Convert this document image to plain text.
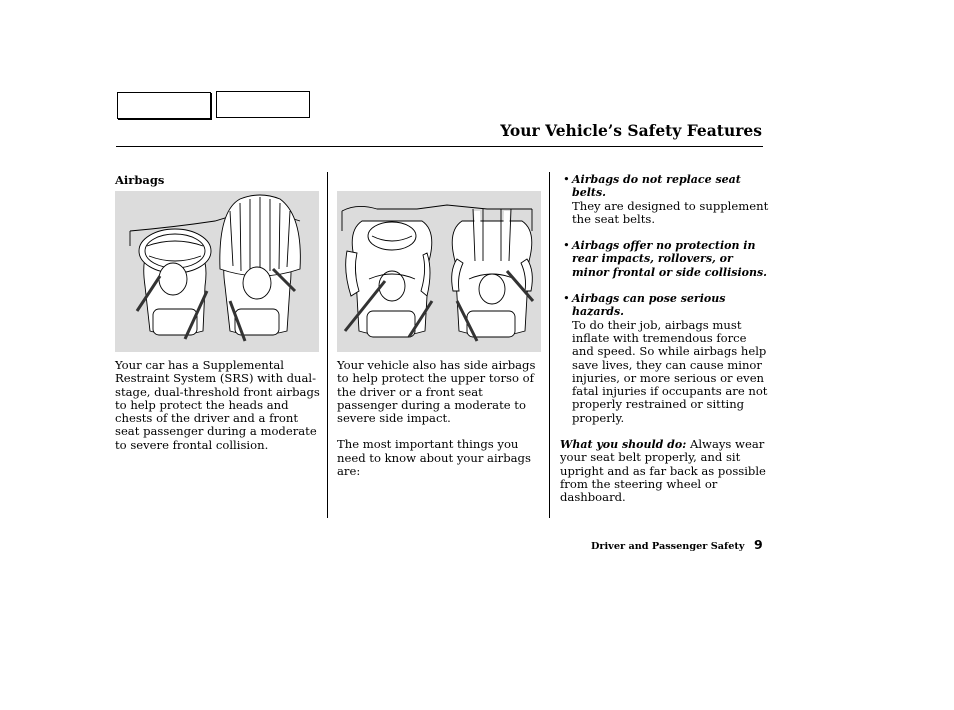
Your Vehicle’s Safety Features
Airbags
Your car has a Supplemental Restraint System (SRS) with dual-stage, dual-threshold front airbags to help protect the heads and chests of the driver and a front seat passenger during a moderate to severe frontal collision.

Your vehicle also has side airbags to help protect the upper torso of the driver or a front seat passenger during a moderate to severe side impact.

The most important things you need to know about your airbags are:

• Airbags do not replace seat belts.
They are designed to supplement the seat belts.
• Airbags offer no protection in rear impacts, rollovers, or minor frontal or side collisions.
• Airbags can pose serious hazards.
To do their job, airbags must inflate with tremendous force and speed. So while airbags help save lives, they can cause minor injuries, or more serious or even fatal injuries if occupants are not properly restrained or sitting properly.
What you should do: Always wear your seat belt properly, and sit upright and as far back as possible from the steering wheel or dashboard.
Driver and Passenger Safety 9
